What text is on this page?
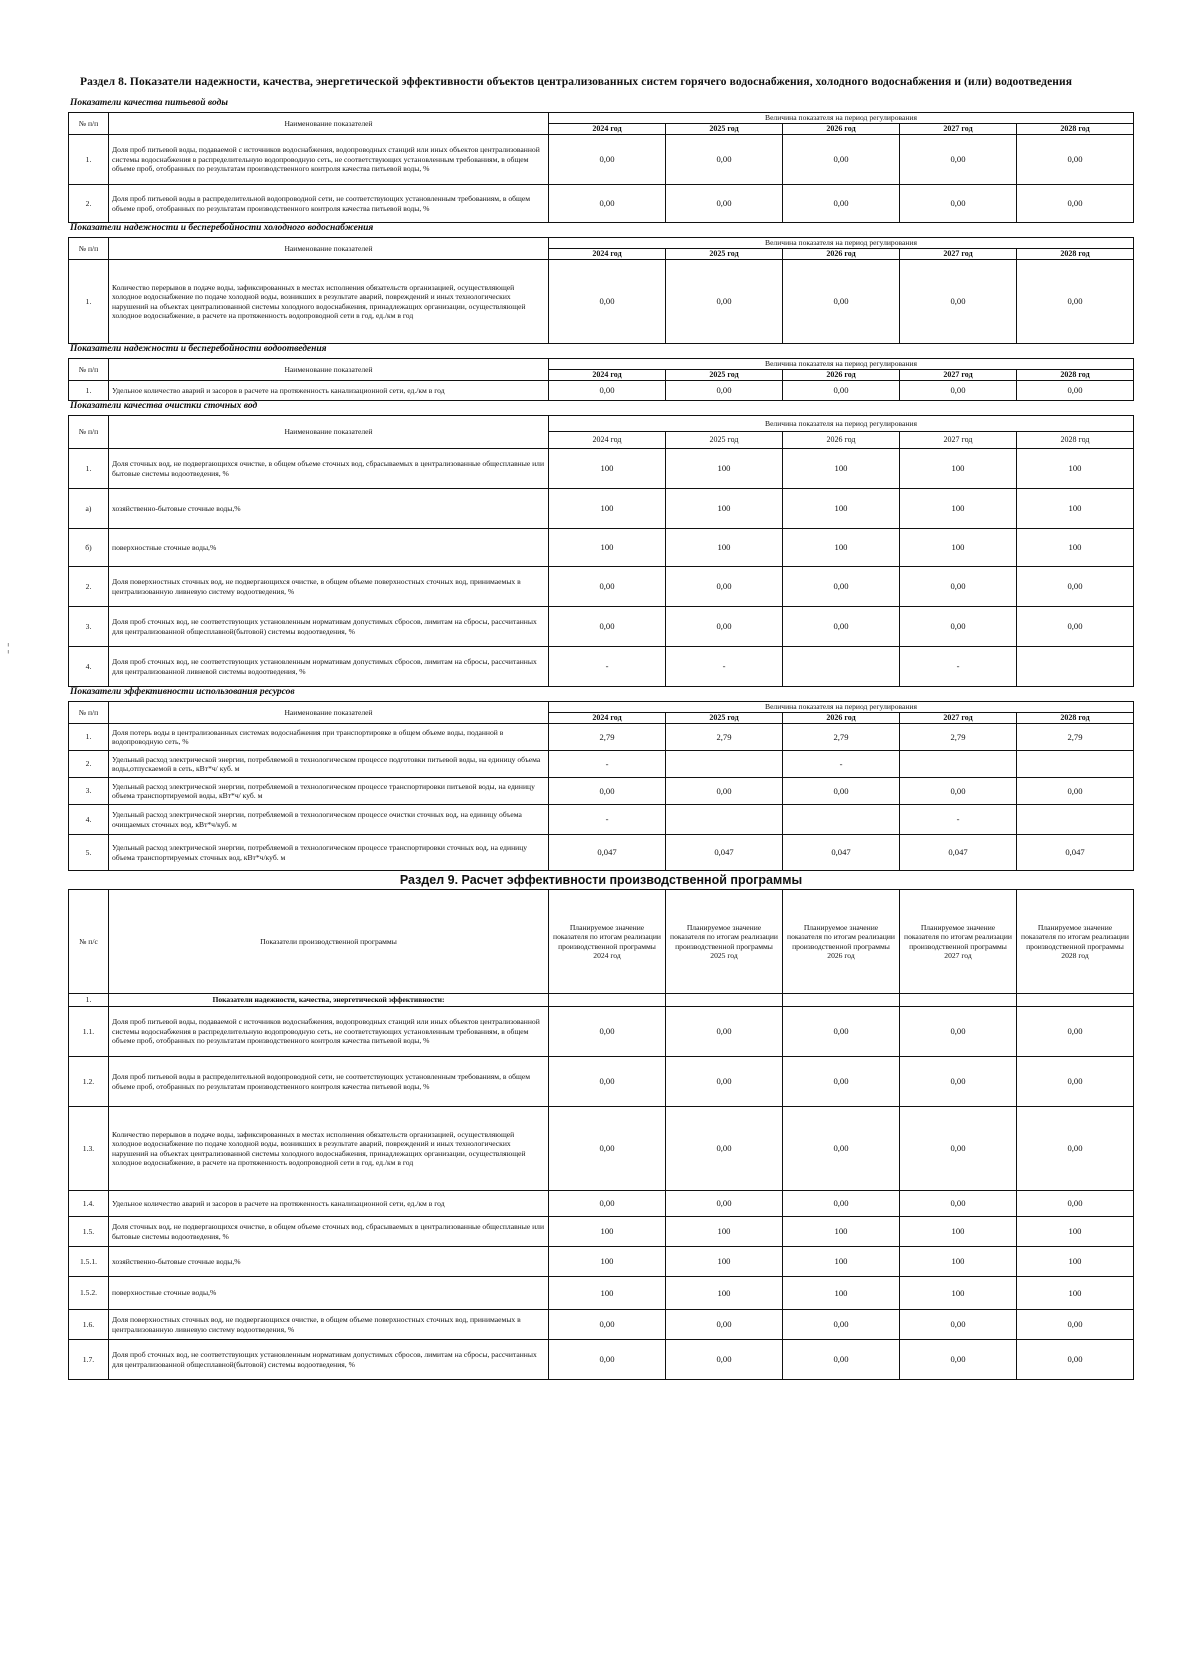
¦
Раздел 8. Показатели надежности, качества, энергетической эффективности объектов централизованных систем горячего водоснабжения, холодного водоснабжения и (или) водоотведения
Показатели качества питьевой воды
№ п/п	Наименование показателей	Величина показателя на период регулирования				
		2024 год	2025 год	2026 год	2027 год	2028 год
1.	Доля проб питьевой воды, подаваемой с источников водоснабжения, водопроводных станций или иных объектов централизованной системы водоснабжения в распределительную водопроводную сеть, не соответствующих установленным требованиям, в общем объеме проб, отобранных по результатам производственного контроля качества питьевой воды, %	0,00	0,00	0,00	0,00	0,00
2.	Доля проб питьевой воды в распределительной водопроводной сети, не соответствующих установленным требованиям, в общем объеме проб, отобранных по результатам производственного контроля качества питьевой воды, %	0,00	0,00	0,00	0,00	0,00
Показатели надежности и бесперебойности холодного водоснабжения
№ п/п	Наименование показателей	Величина показателя на период регулирования				
		2024 год	2025 год	2026 год	2027 год	2028 год
1.	Количество перерывов в подаче воды, зафиксированных в местах исполнения обязательств организацией, осуществляющей холодное водоснабжение по подаче холодной воды, возникших в результате аварий, повреждений и иных технологических нарушений на объектах централизованной системы холодного водоснабжения, принадлежащих организации, осуществляющей холодное водоснабжение, в расчете на протяженность водопроводной сети в год, ед./км в год	0,00	0,00	0,00	0,00	0,00
Показатели надежности и бесперебойности водоотведения
№ п/п	Наименование показателей	Величина показателя на период регулирования				
		2024 год	2025 год	2026 год	2027 год	2028 год
1.	Удельное количество аварий и засоров в расчете на протяженность канализационной сети, ед./км в год	0,00	0,00	0,00	0,00	0,00
Показатели качества очистки сточных вод
№ п/п	Наименование показателей	Величина показателя на период регулирования				
		2024 год	2025 год	2026 год	2027 год	2028 год
1.	Доля сточных вод, не подвергающихся очистке, в общем объеме сточных вод, сбрасываемых в централизованные общесплавные или бытовые системы водоотведения, %	100	100	100	100	100
а)	хозяйственно-бытовые сточные воды,%	100	100	100	100	100
б)	поверхностные сточные воды,%	100	100	100	100	100
2.	Доля поверхностных сточных вод, не подвергающихся очистке, в общем объеме поверхностных сточных вод, принимаемых в централизованную ливневую систему водоотведения, %	0,00	0,00	0,00	0,00	0,00
3.	Доля проб сточных вод, не соответствующих установленным нормативам допустимых сбросов, лимитам на сбросы, рассчитанных для централизованной общесплавной(бытовой) системы водоотведения, %	0,00	0,00	0,00	0,00	0,00
4.	Доля проб сточных вод, не соответствующих установленным нормативам допустимых сбросов, лимитам на сбросы, рассчитанных для централизованной ливневой системы водоотведения, %	-	-		-	
Показатели эффективности использования ресурсов
№ п/п	Наименование показателей	Величина показателя на период регулирования				
		2024 год	2025 год	2026 год	2027 год	2028 год
1.	Доля потерь воды в централизованных системах водоснабжения при транспортировке в общем объеме воды, поданной в водопроводную сеть, %	2,79	2,79	2,79	2,79	2,79
2.	Удельный расход электрической энергии, потребляемой в технологическом процессе подготовки питьевой воды, на единицу объема воды,отпускаемой в сеть, кВт*ч/ куб. м	-		-		
3.	Удельный расход электрической энергии, потребляемой в технологическом процессе транспортировки питьевой воды, на единицу объема транспортируемой воды, кВт*ч/ куб. м	0,00	0,00	0,00	0,00	0,00
4.	Удельный расход электрической энергии, потребляемой в технологическом процессе очистки сточных вод, на единицу объема очищаемых сточных вод, кВт*ч/куб. м	-			-	
5.	Удельный расход электрической энергии, потребляемой в технологическом процессе транспортировки сточных вод, на единицу объема транспортируемых сточных вод, кВт*ч/куб. м	0,047	0,047	0,047	0,047	0,047
Раздел 9. Расчет эффективности производственной программы
№ п/с	Показатели производственной программы	Планируемое значение показателя по итогам реализации производственной программы 2024 год	Планируемое значение показателя по итогам реализации производственной программы 2025 год	Планируемое значение показателя по итогам реализации производственной программы 2026 год	Планируемое значение показателя по итогам реализации производственной программы 2027 год	Планируемое значение показателя по итогам реализации производственной программы 2028 год
1.	Показатели надежности, качества, энергетической эффективности:					
1.1.	Доля проб питьевой воды, подаваемой с источников водоснабжения, водопроводных станций или иных объектов централизованной системы водоснабжения в распределительную водопроводную сеть, не соответствующих установленным требованиям, в общем объеме проб, отобранных по результатам производственного контроля качества питьевой воды, %	0,00	0,00	0,00	0,00	0,00
1.2.	Доля проб питьевой воды в распределительной водопроводной сети, не соответствующих установленным требованиям, в общем объеме проб, отобранных по результатам производственного контроля качества питьевой воды, %	0,00	0,00	0,00	0,00	0,00
1.3.	Количество перерывов в подаче воды, зафиксированных в местах исполнения обязательств организацией, осуществляющей холодное водоснабжение по подаче холодной воды, возникших в результате аварий, повреждений и иных технологических нарушений на объектах централизованной системы холодного водоснабжения, принадлежащих организации, осуществляющей холодное водоснабжение, в расчете на протяженность водопроводной сети в год, ед./км в год	0,00	0,00	0,00	0,00	0,00
1.4.	Удельное количество аварий и засоров в расчете на протяженность канализационной сети, ед./км в год	0,00	0,00	0,00	0,00	0,00
1.5.	Доля сточных вод, не подвергающихся очистке, в общем объеме сточных вод, сбрасываемых в централизованные общесплавные или бытовые системы водоотведения, %	100	100	100	100	100
1.5.1.	хозяйственно-бытовые сточные воды,%	100	100	100	100	100
1.5.2.	поверхностные сточные воды,%	100	100	100	100	100
1.6.	Доля поверхностных сточных вод, не подвергающихся очистке, в общем объеме поверхностных сточных вод, принимаемых в централизованную ливневую систему водоотведения, %	0,00	0,00	0,00	0,00	0,00
1.7.	Доля проб сточных вод, не соответствующих установленным нормативам допустимых сбросов, лимитам на сбросы, рассчитанных для централизованной общесплавной(бытовой) системы водоотведения, %	0,00	0,00	0,00	0,00	0,00
